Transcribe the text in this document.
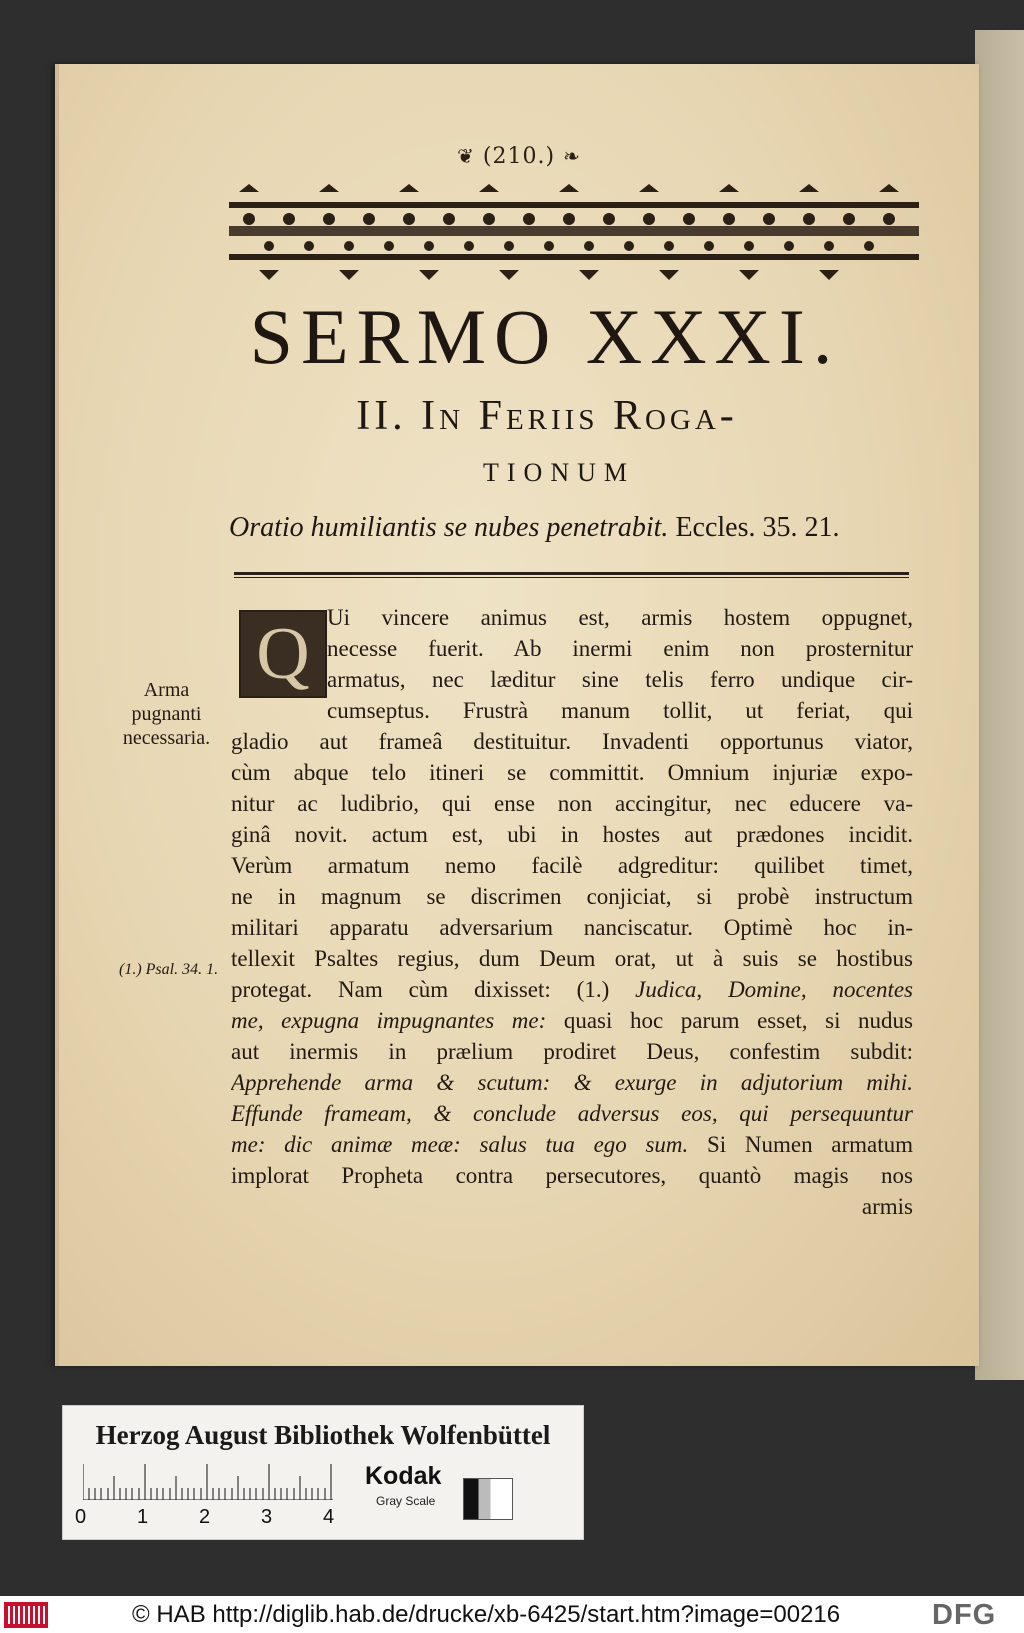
❦ (210.) ❧
SERMO XXXI.
II. In Feriis Roga-
TIONUM
Oratio humiliantis se nubes penetrabit. Eccles. 35. 21.
Q Ui vincere animus est, armis hostem oppugnet,
necesse fuerit. Ab inermi enim non prosternitur
armatus, nec læditur sine telis ferro undique cir-
cumseptus. Frustrà manum tollit, ut feriat, qui
gladio aut frameâ destituitur. Invadenti opportunus viator,
cùm abque telo itineri se committit. Omnium injuriæ expo-
nitur ac ludibrio, qui ense non accingitur, nec educere va-
ginâ novit. actum est, ubi in hostes aut prædones incidit.
Verùm armatum nemo facilè adgreditur: quilibet timet,
ne in magnum se discrimen conjiciat, si probè instructum
militari apparatu adversarium nanciscatur. Optimè hoc in-
tellexit Psaltes regius, dum Deum orat, ut à suis se hostibus
protegat. Nam cùm dixisset: (1.) Judica, Domine, nocentes
me, expugna impugnantes me: quasi hoc parum esset, si nudus
aut inermis in prælium prodiret Deus, confestim subdit:
Apprehende arma & scutum: & exurge in adjutorium mihi.
Effunde frameam, & conclude adversus eos, qui persequuntur
me: dic animæ meæ: salus tua ego sum. Si Numen armatum
implorat Propheta contra persecutores, quantò magis nos
armis
Arma pugnanti necessaria.
(1.) Psal. 34. 1.
Herzog August Bibliothek Wolfenbüttel
0	1	2	3	4
Kodak
Gray Scale
© HAB http://diglib.hab.de/drucke/xb-6425/start.htm?image=00216	DFG
